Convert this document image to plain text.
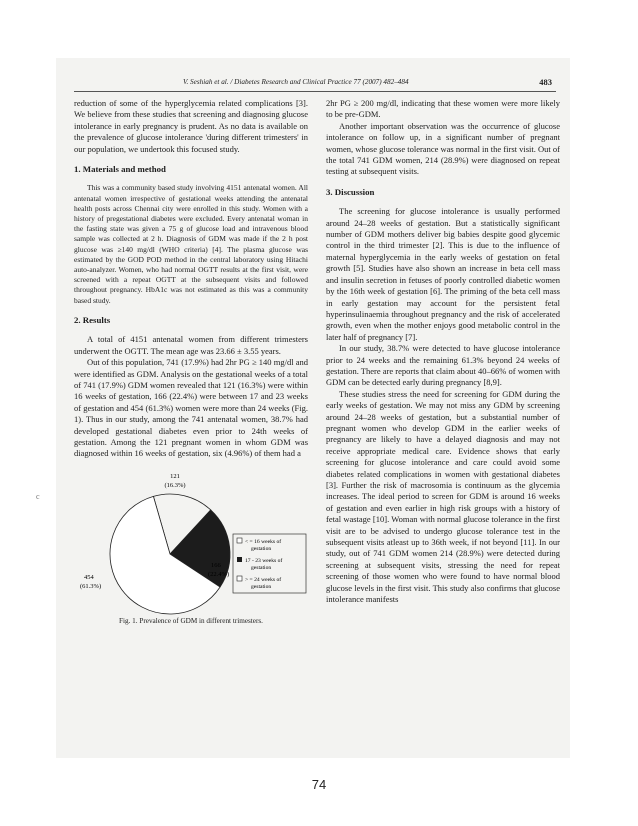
V. Seshiah et al. / Diabetes Research and Clinical Practice 77 (2007) 482–484	483

reduction of some of the hyperglycemia related complications [3]. We believe from these studies that screening and diagnosing glucose intolerance in early pregnancy is prudent. As no data is available on the prevalence of glucose intolerance 'during different trimesters' in our population, we undertook this focused study.

1. Materials and method

This was a community based study involving 4151 antenatal women. All antenatal women irrespective of gestational weeks attending the antenatal health posts across Chennai city were enrolled in this study. Women with a history of pregestational diabetes were excluded. Every antenatal woman in the fasting state was given a 75 g of glucose load and intravenous blood sample was collected at 2 h. Diagnosis of GDM was made if the 2 h post glucose was ≥140 mg/dl (WHO criteria) [4]. The plasma glucose was estimated by the GOD POD method in the central laboratory using Hitachi auto-analyzer. Women, who had normal OGTT results at the first visit, were screened with a repeat OGTT at the subsequent visits and followed throughout pregnancy. HbA1c was not estimated as this was a community based study.

2. Results

A total of 4151 antenatal women from different trimesters underwent the OGTT. The mean age was 23.66 ± 3.55 years.

Out of this population, 741 (17.9%) had 2hr PG ≥ 140 mg/dl and were identified as GDM. Analysis on the gestational weeks of a total of 741 (17.9%) GDM women revealed that 121 (16.3%) were within 16 weeks of gestation, 166 (22.4%) were between 17 and 23 weeks of gestation and 454 (61.3%) women were more than 24 weeks (Fig. 1). Thus in our study, among the 741 antenatal women, 38.7% had developed gestational diabetes even prior to 24th weeks of gestation. Among the 121 pregnant women in whom GDM was diagnosed within 16 weeks of gestation, six (4.96%) of them had a

121
(16.3%)
166
(22.4%)
454
(61.3%)
< = 16 weeks of
gestation
17 - 23 weeks of
gestation
> = 24 weeks of
gestation
Fig. 1. Prevalence of GDM in different trimesters.

2hr PG ≥ 200 mg/dl, indicating that these women were more likely to be pre-GDM.

Another important observation was the occurrence of glucose intolerance on follow up, in a significant number of pregnant women, whose glucose tolerance was normal in the first visit. Out of the total 741 GDM women, 214 (28.9%) were diagnosed on repeat testing at subsequent visits.

3. Discussion

The screening for glucose intolerance is usually performed around 24–28 weeks of gestation. But a statistically significant number of GDM mothers deliver big babies despite good glycemic control in the third trimester [2]. This is due to the influence of maternal hyperglycemia in the early weeks of gestation on fetal growth [5]. Studies have also shown an increase in beta cell mass and insulin secretion in fetuses of poorly controlled diabetic women by the 16th week of gestation [6]. The priming of the beta cell mass in early gestation may account for the persistent fetal hyperinsulinaemia throughout pregnancy and the risk of accelerated growth, even when the mother enjoys good metabolic control in the later half of pregnancy [7].

In our study, 38.7% were detected to have glucose intolerance prior to 24 weeks and the remaining 61.3% beyond 24 weeks of gestation. There are reports that claim about 40–66% of women with GDM can be detected early during pregnancy [8,9].

These studies stress the need for screening for GDM during the early weeks of gestation. We may not miss any GDM by screening around 24–28 weeks of gestation, but a substantial number of pregnant women who develop GDM in the earlier weeks of pregnancy are likely to have a delayed diagnosis and may not receive appropriate medical care. Evidence shows that early screening for glucose intolerance and care could avoid some diabetes related complications in women with gestational diabetes [3]. Further the risk of macrosomia is continuum as the glycemia increases. The ideal period to screen for GDM is around 16 weeks of gestation and even earlier in high risk groups with a history of fetal wastage [10]. Woman with normal glucose tolerance in the first visit are to be advised to undergo glucose tolerance test in the subsequent visits atleast up to 36th week, if not beyond [11]. In our study, out of 741 GDM women 214 (28.9%) were detected during screening at subsequent visits, stressing the need for repeat screening of those women who were found to have normal blood glucose levels in the first visit. This study also confirms that glucose intolerance manifests

c
74
